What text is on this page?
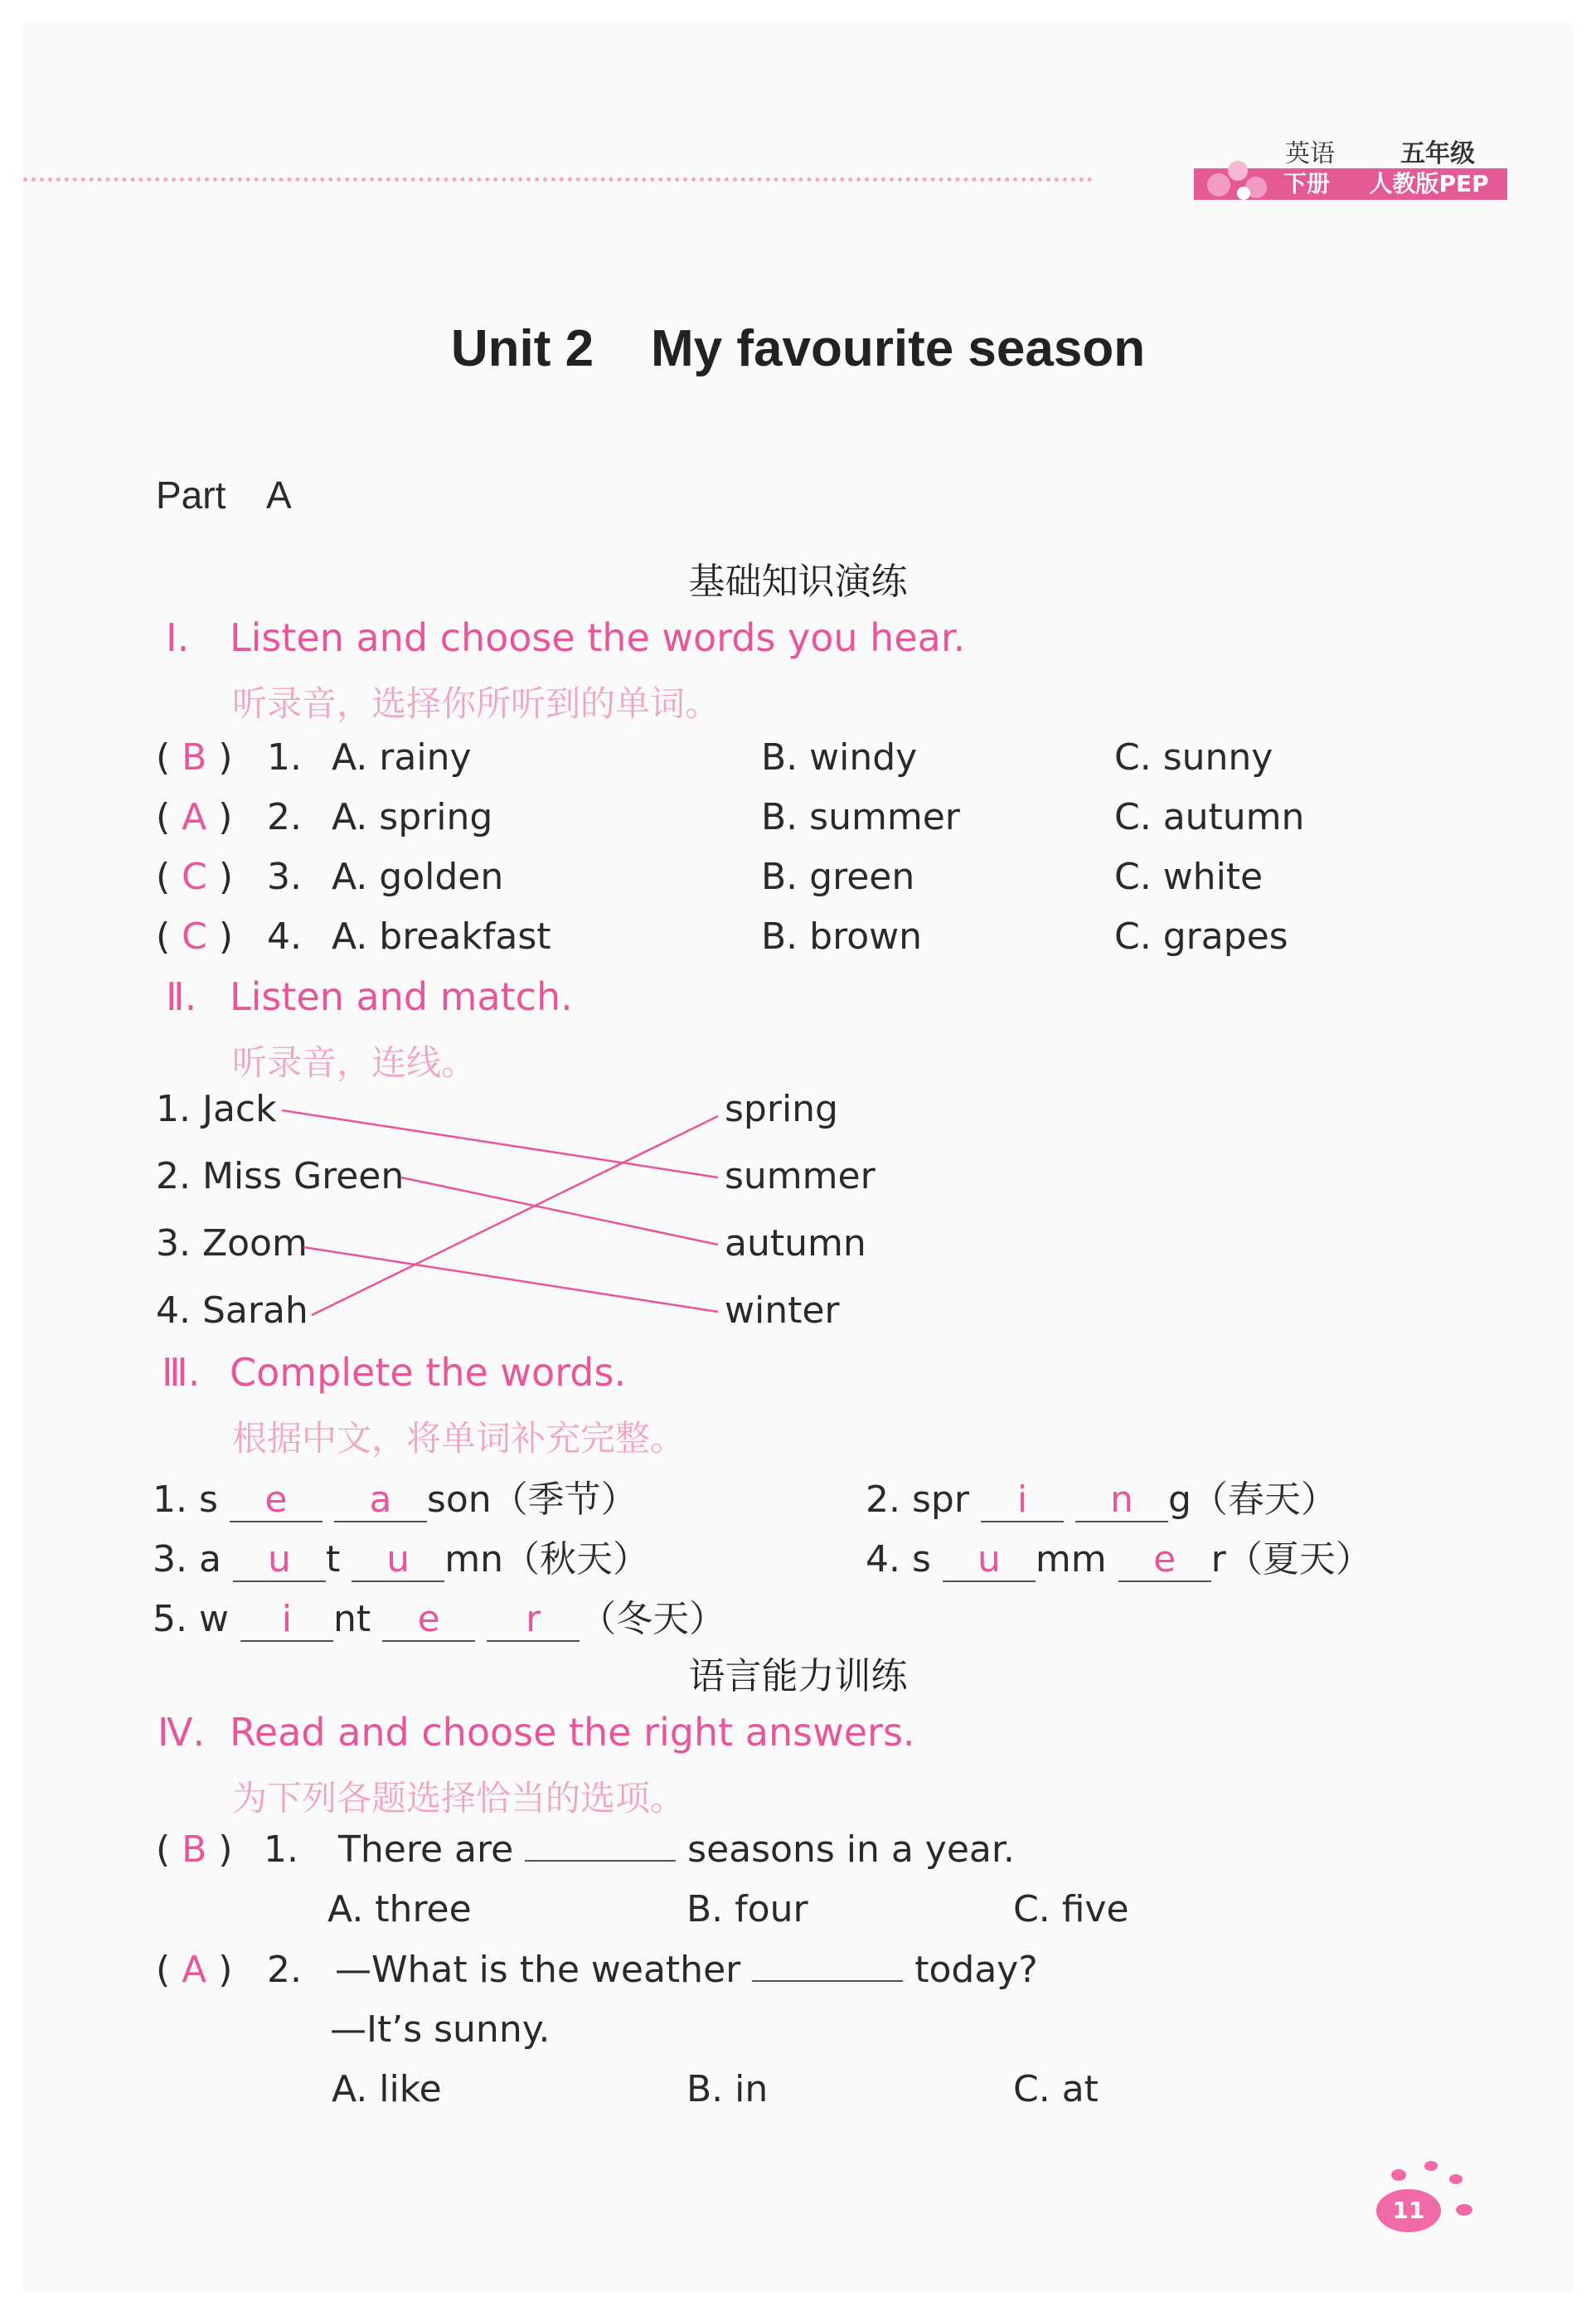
英语	五年级
下册 人教版PEP
Unit 2    My favourite season
Part    A
基础知识演练
Ⅰ. Listen and choose the words you hear.
听录音，选择你所听到的单词。
( B ) 1. A. rainy	B. windy	C. sunny
( A ) 2. A. spring	B. summer	C. autumn
( C ) 3. A. golden	B. green	C. white
( C ) 4. A. breakfast	B. brown	C. grapes
Ⅱ. Listen and match.
听录音，连线。
1. Jack
2. Miss Green
3. Zoom
4. Sarah
spring
summer
autumn
winter
Ⅲ. Complete the words.
根据中文，将单词补充完整。
1. s e a son（季节）	2. spr i n g（春天）
3. a u t u mn（秋天）	4. s u mm e r（夏天）
5. w i nt e r （冬天）
语言能力训练
Ⅳ. Read and choose the right answers.
为下列各题选择恰当的选项。
( B ) 1. There are	seasons in a year.
A. three	B. four	C. five
( A ) 2. —What is the weather	today?
—It’s sunny.
A. like	B. in	C. at
11
